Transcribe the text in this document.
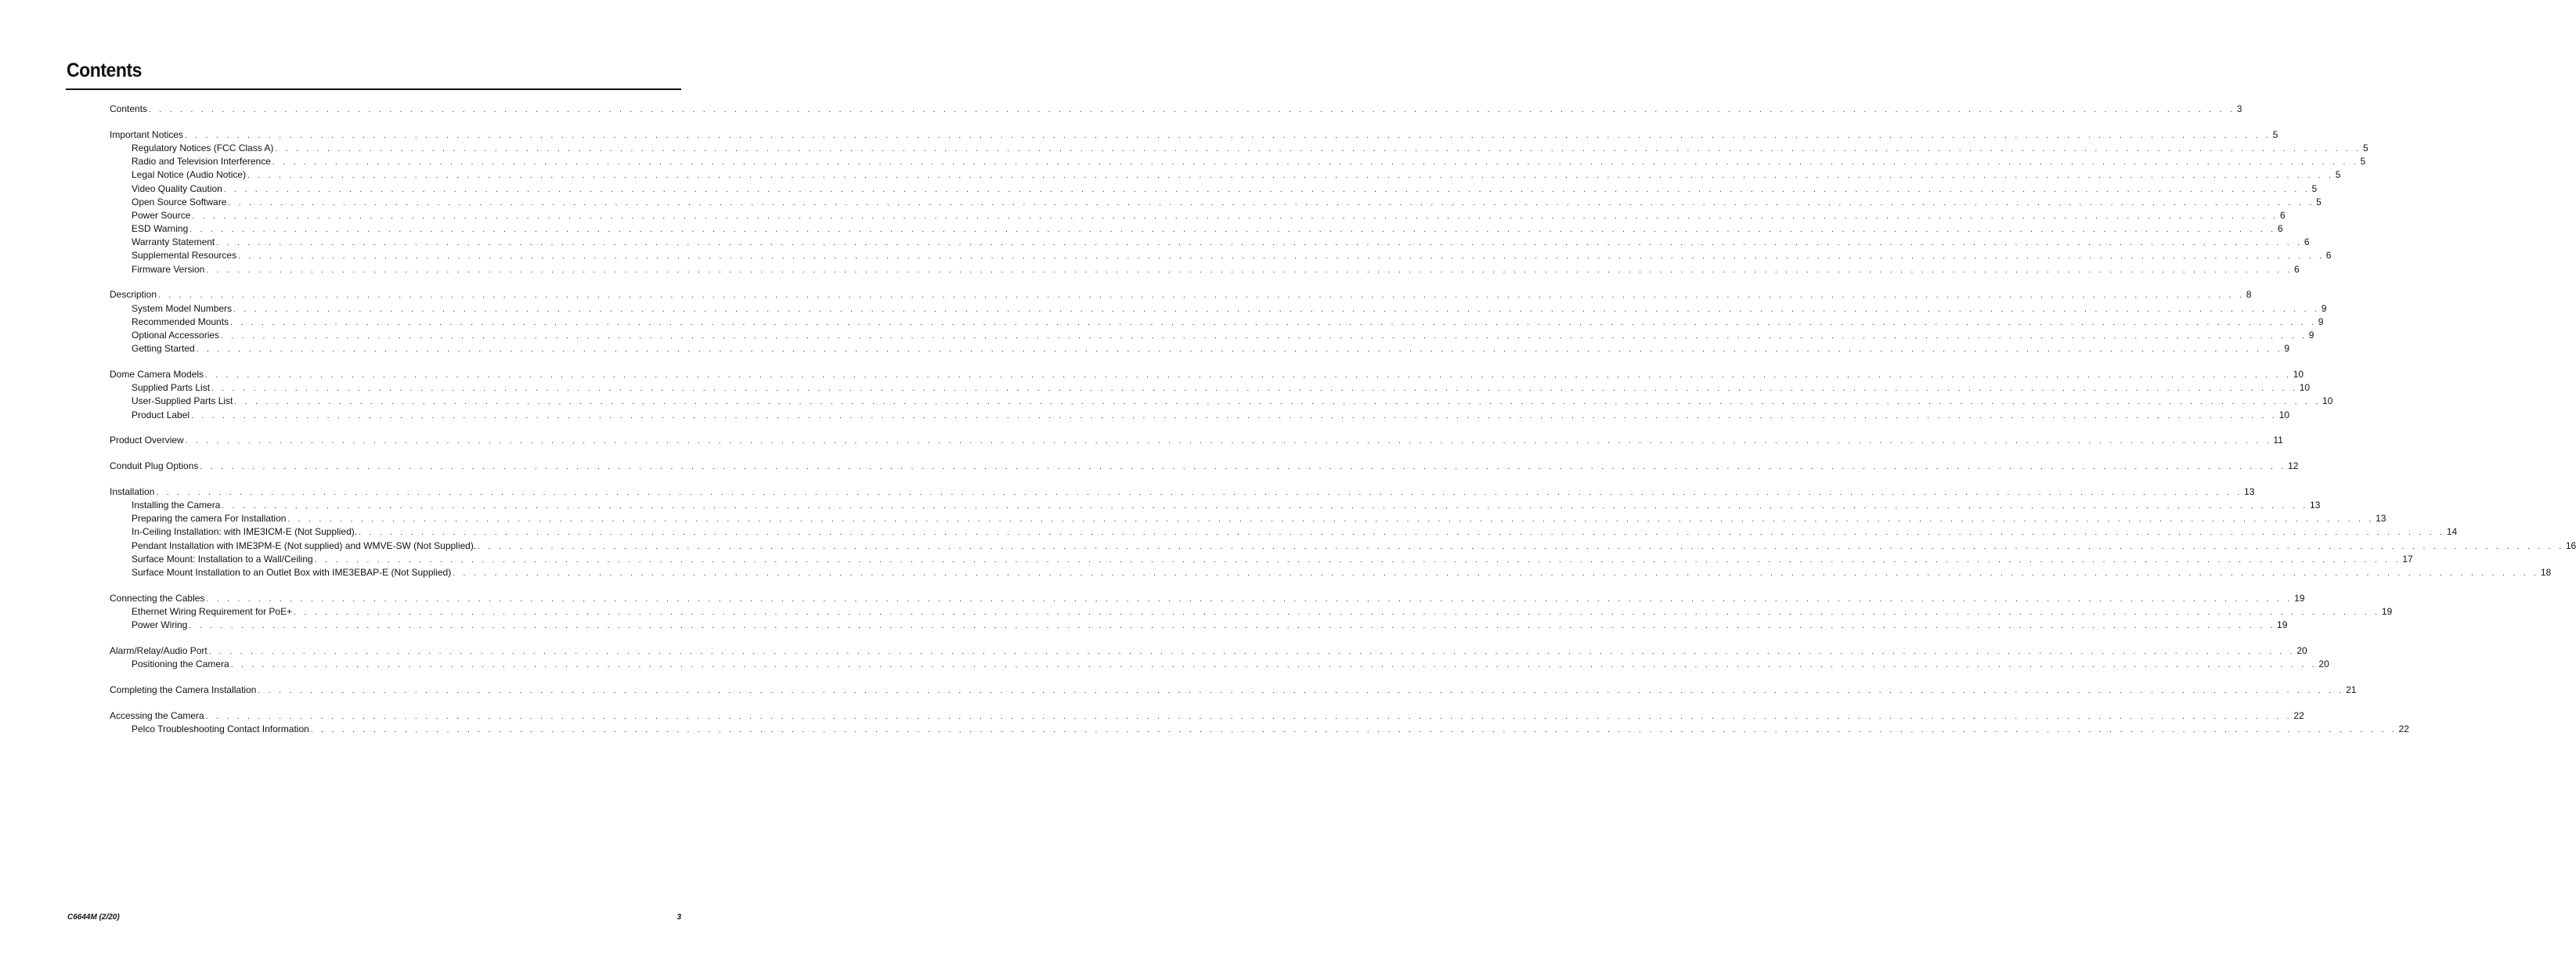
Contents
Contents . . . . . . . . . . . . . . . . . . . . . . . . . . . . . . . . . . . . . . . . . . . . . . . . . . . . . . . . . . . . . . . . . . . . . . . . . . . . . . . . . . . . . . . . . . . . . . . . . . . . . . . . . . . . . . . . . . . . . . . . . . . . . . . . . . . . . . . . . . . . . . . . . . . . . . . . . . . . . . . . . . . . . . . . . . . . . . . . . . . . . . . . . . . . . . . . . . . . . . . . 3
Important Notices . . . . . . . . . . . . . . . . . . . . . . . . . . . . . . . . . . . . . . . . . . . . . . . . . . . . . . . . . . . . . . . . . . . . . . . . . . . . . . . . . . . . . . . . . . . . . . . . . . . . . . . . . . . . . . . . . . . . . . . . . . . . . . . . . . . . . . . . . . . . . . . . . . . . . . . . . . . . . . . . . . . . . . . . . . . . . . . . . . . . . . . . . . . . . . . . . . . . . . . . 5
Regulatory Notices (FCC Class A) . . . . . . . . . . . . . . . . . . . . . . . . . . . . . . . . . . . . . . . . . . . . . . . . . . . . . . . . . . . . . . . . . . . . . . . . . . . . . . . . . . . . . . . . . . . . . . . . . . . . . . . . . . . . . . . . . . . . . . . . . . . . . . . . . . . . . . . . . . . . . . . . . . . . . . . . . . . . . . . . . . . . . . . . . . . . . . . . . . . . . . . . . . . . . . . . . . . . . . . . 5
Radio and Television Interference . . . . . . . . . . . . . . . . . . . . . . . . . . . . . . . . . . . . . . . . . . . . . . . . . . . . . . . . . . . . . . . . . . . . . . . . . . . . . . . . . . . . . . . . . . . . . . . . . . . . . . . . . . . . . . . . . . . . . . . . . . . . . . . . . . . . . . . . . . . . . . . . . . . . . . . . . . . . . . . . . . . . . . . . . . . . . . . . . . . . . . . . . . . . . . . . . . . . . . . . 5
Legal Notice (Audio Notice) . . . . . . . . . . . . . . . . . . . . . . . . . . . . . . . . . . . . . . . . . . . . . . . . . . . . . . . . . . . . . . . . . . . . . . . . . . . . . . . . . . . . . . . . . . . . . . . . . . . . . . . . . . . . . . . . . . . . . . . . . . . . . . . . . . . . . . . . . . . . . . . . . . . . . . . . . . . . . . . . . . . . . . . . . . . . . . . . . . . . . . . . . . . . . . . . . . . . . . . . 5
Video Quality Caution . . . . . . . . . . . . . . . . . . . . . . . . . . . . . . . . . . . . . . . . . . . . . . . . . . . . . . . . . . . . . . . . . . . . . . . . . . . . . . . . . . . . . . . . . . . . . . . . . . . . . . . . . . . . . . . . . . . . . . . . . . . . . . . . . . . . . . . . . . . . . . . . . . . . . . . . . . . . . . . . . . . . . . . . . . . . . . . . . . . . . . . . . . . . . . . . . . . . . . . . 5
Open Source Software . . . . . . . . . . . . . . . . . . . . . . . . . . . . . . . . . . . . . . . . . . . . . . . . . . . . . . . . . . . . . . . . . . . . . . . . . . . . . . . . . . . . . . . . . . . . . . . . . . . . . . . . . . . . . . . . . . . . . . . . . . . . . . . . . . . . . . . . . . . . . . . . . . . . . . . . . . . . . . . . . . . . . . . . . . . . . . . . . . . . . . . . . . . . . . . . . . . . . . . . 5
Power Source . . . . . . . . . . . . . . . . . . . . . . . . . . . . . . . . . . . . . . . . . . . . . . . . . . . . . . . . . . . . . . . . . . . . . . . . . . . . . . . . . . . . . . . . . . . . . . . . . . . . . . . . . . . . . . . . . . . . . . . . . . . . . . . . . . . . . . . . . . . . . . . . . . . . . . . . . . . . . . . . . . . . . . . . . . . . . . . . . . . . . . . . . . . . . . . . . . . . . . . . 6
ESD Warning . . . . . . . . . . . . . . . . . . . . . . . . . . . . . . . . . . . . . . . . . . . . . . . . . . . . . . . . . . . . . . . . . . . . . . . . . . . . . . . . . . . . . . . . . . . . . . . . . . . . . . . . . . . . . . . . . . . . . . . . . . . . . . . . . . . . . . . . . . . . . . . . . . . . . . . . . . . . . . . . . . . . . . . . . . . . . . . . . . . . . . . . . . . . . . . . . . . . . . . . 6
Warranty Statement . . . . . . . . . . . . . . . . . . . . . . . . . . . . . . . . . . . . . . . . . . . . . . . . . . . . . . . . . . . . . . . . . . . . . . . . . . . . . . . . . . . . . . . . . . . . . . . . . . . . . . . . . . . . . . . . . . . . . . . . . . . . . . . . . . . . . . . . . . . . . . . . . . . . . . . . . . . . . . . . . . . . . . . . . . . . . . . . . . . . . . . . . . . . . . . . . . . . . . . . 6
Supplemental Resources . . . . . . . . . . . . . . . . . . . . . . . . . . . . . . . . . . . . . . . . . . . . . . . . . . . . . . . . . . . . . . . . . . . . . . . . . . . . . . . . . . . . . . . . . . . . . . . . . . . . . . . . . . . . . . . . . . . . . . . . . . . . . . . . . . . . . . . . . . . . . . . . . . . . . . . . . . . . . . . . . . . . . . . . . . . . . . . . . . . . . . . . . . . . . . . . . . . . . . . . 6
Firmware Version . . . . . . . . . . . . . . . . . . . . . . . . . . . . . . . . . . . . . . . . . . . . . . . . . . . . . . . . . . . . . . . . . . . . . . . . . . . . . . . . . . . . . . . . . . . . . . . . . . . . . . . . . . . . . . . . . . . . . . . . . . . . . . . . . . . . . . . . . . . . . . . . . . . . . . . . . . . . . . . . . . . . . . . . . . . . . . . . . . . . . . . . . . . . . . . . . . . . . . . . 6
Description . . . . . . . . . . . . . . . . . . . . . . . . . . . . . . . . . . . . . . . . . . . . . . . . . . . . . . . . . . . . . . . . . . . . . . . . . . . . . . . . . . . . . . . . . . . . . . . . . . . . . . . . . . . . . . . . . . . . . . . . . . . . . . . . . . . . . . . . . . . . . . . . . . . . . . . . . . . . . . . . . . . . . . . . . . . . . . . . . . . . . . . . . . . . . . . . . . . . . . . . 8
System Model Numbers . . . . . . . . . . . . . . . . . . . . . . . . . . . . . . . . . . . . . . . . . . . . . . . . . . . . . . . . . . . . . . . . . . . . . . . . . . . . . . . . . . . . . . . . . . . . . . . . . . . . . . . . . . . . . . . . . . . . . . . . . . . . . . . . . . . . . . . . . . . . . . . . . . . . . . . . . . . . . . . . . . . . . . . . . . . . . . . . . . . . . . . . . . . . . . . . . . . . . . . . 9
Recommended Mounts . . . . . . . . . . . . . . . . . . . . . . . . . . . . . . . . . . . . . . . . . . . . . . . . . . . . . . . . . . . . . . . . . . . . . . . . . . . . . . . . . . . . . . . . . . . . . . . . . . . . . . . . . . . . . . . . . . . . . . . . . . . . . . . . . . . . . . . . . . . . . . . . . . . . . . . . . . . . . . . . . . . . . . . . . . . . . . . . . . . . . . . . . . . . . . . . . . . . . . . . 9
Optional Accessories . . . . . . . . . . . . . . . . . . . . . . . . . . . . . . . . . . . . . . . . . . . . . . . . . . . . . . . . . . . . . . . . . . . . . . . . . . . . . . . . . . . . . . . . . . . . . . . . . . . . . . . . . . . . . . . . . . . . . . . . . . . . . . . . . . . . . . . . . . . . . . . . . . . . . . . . . . . . . . . . . . . . . . . . . . . . . . . . . . . . . . . . . . . . . . . . . . . . . . . . 9
Getting Started . . . . . . . . . . . . . . . . . . . . . . . . . . . . . . . . . . . . . . . . . . . . . . . . . . . . . . . . . . . . . . . . . . . . . . . . . . . . . . . . . . . . . . . . . . . . . . . . . . . . . . . . . . . . . . . . . . . . . . . . . . . . . . . . . . . . . . . . . . . . . . . . . . . . . . . . . . . . . . . . . . . . . . . . . . . . . . . . . . . . . . . . . . . . . . . . . . . . . . . . 9
Dome Camera Models . . . . . . . . . . . . . . . . . . . . . . . . . . . . . . . . . . . . . . . . . . . . . . . . . . . . . . . . . . . . . . . . . . . . . . . . . . . . . . . . . . . . . . . . . . . . . . . . . . . . . . . . . . . . . . . . . . . . . . . . . . . . . . . . . . . . . . . . . . . . . . . . . . . . . . . . . . . . . . . . . . . . . . . . . . . . . . . . . . . . . . . . . . . . . . . . . . . . . . . . 10
Supplied Parts List . . . . . . . . . . . . . . . . . . . . . . . . . . . . . . . . . . . . . . . . . . . . . . . . . . . . . . . . . . . . . . . . . . . . . . . . . . . . . . . . . . . . . . . . . . . . . . . . . . . . . . . . . . . . . . . . . . . . . . . . . . . . . . . . . . . . . . . . . . . . . . . . . . . . . . . . . . . . . . . . . . . . . . . . . . . . . . . . . . . . . . . . . . . . . . . . . . . . . . . . 10
User-Supplied Parts List . . . . . . . . . . . . . . . . . . . . . . . . . . . . . . . . . . . . . . . . . . . . . . . . . . . . . . . . . . . . . . . . . . . . . . . . . . . . . . . . . . . . . . . . . . . . . . . . . . . . . . . . . . . . . . . . . . . . . . . . . . . . . . . . . . . . . . . . . . . . . . . . . . . . . . . . . . . . . . . . . . . . . . . . . . . . . . . . . . . . . . . . . . . . . . . . . . . . . . . . 10
Product Label . . . . . . . . . . . . . . . . . . . . . . . . . . . . . . . . . . . . . . . . . . . . . . . . . . . . . . . . . . . . . . . . . . . . . . . . . . . . . . . . . . . . . . . . . . . . . . . . . . . . . . . . . . . . . . . . . . . . . . . . . . . . . . . . . . . . . . . . . . . . . . . . . . . . . . . . . . . . . . . . . . . . . . . . . . . . . . . . . . . . . . . . . . . . . . . . . . . . . . . . 10
Product Overview . . . . . . . . . . . . . . . . . . . . . . . . . . . . . . . . . . . . . . . . . . . . . . . . . . . . . . . . . . . . . . . . . . . . . . . . . . . . . . . . . . . . . . . . . . . . . . . . . . . . . . . . . . . . . . . . . . . . . . . . . . . . . . . . . . . . . . . . . . . . . . . . . . . . . . . . . . . . . . . . . . . . . . . . . . . . . . . . . . . . . . . . . . . . . . . . . . . . . . . . 11
Conduit Plug Options . . . . . . . . . . . . . . . . . . . . . . . . . . . . . . . . . . . . . . . . . . . . . . . . . . . . . . . . . . . . . . . . . . . . . . . . . . . . . . . . . . . . . . . . . . . . . . . . . . . . . . . . . . . . . . . . . . . . . . . . . . . . . . . . . . . . . . . . . . . . . . . . . . . . . . . . . . . . . . . . . . . . . . . . . . . . . . . . . . . . . . . . . . . . . . . . . . . . . . . . 12
Installation . . . . . . . . . . . . . . . . . . . . . . . . . . . . . . . . . . . . . . . . . . . . . . . . . . . . . . . . . . . . . . . . . . . . . . . . . . . . . . . . . . . . . . . . . . . . . . . . . . . . . . . . . . . . . . . . . . . . . . . . . . . . . . . . . . . . . . . . . . . . . . . . . . . . . . . . . . . . . . . . . . . . . . . . . . . . . . . . . . . . . . . . . . . . . . . . . . . . . . . . 13
Installing the Camera . . . . . . . . . . . . . . . . . . . . . . . . . . . . . . . . . . . . . . . . . . . . . . . . . . . . . . . . . . . . . . . . . . . . . . . . . . . . . . . . . . . . . . . . . . . . . . . . . . . . . . . . . . . . . . . . . . . . . . . . . . . . . . . . . . . . . . . . . . . . . . . . . . . . . . . . . . . . . . . . . . . . . . . . . . . . . . . . . . . . . . . . . . . . . . . . . . . . . . . . 13
Preparing the camera For Installation . . . . . . . . . . . . . . . . . . . . . . . . . . . . . . . . . . . . . . . . . . . . . . . . . . . . . . . . . . . . . . . . . . . . . . . . . . . . . . . . . . . . . . . . . . . . . . . . . . . . . . . . . . . . . . . . . . . . . . . . . . . . . . . . . . . . . . . . . . . . . . . . . . . . . . . . . . . . . . . . . . . . . . . . . . . . . . . . . . . . . . . . . . . . . . . . . . . . . . . . 13
In-Ceiling Installation: with IME3ICM-E (Not Supplied). . . . . . . . . . . . . . . . . . . . . . . . . . . . . . . . . . . . . . . . . . . . . . . . . . . . . . . . . . . . . . . . . . . . . . . . . . . . . . . . . . . . . . . . . . . . . . . . . . . . . . . . . . . . . . . . . . . . . . . . . . . . . . . . . . . . . . . . . . . . . . . . . . . . . . . . . . . . . . . . . . . . . . . . . . . . . . . . . . . . . . . . . . . . . . . . . . . . . . . . . 14
Pendant Installation with IME3PM-E (Not supplied) and WMVE-SW (Not Supplied). . . . . . . . . . . . . . . . . . . . . . . . . . . . . . . . . . . . . . . . . . . . . . . . . . . . . . . . . . . . . . . . . . . . . . . . . . . . . . . . . . . . . . . . . . . . . . . . . . . . . . . . . . . . . . . . . . . . . . . . . . . . . . . . . . . . . . . . . . . . . . . . . . . . . . . . . . . . . . . . . . . . . . . . . . . . . . . . . . . . . . . . . . . . . . . . . . . . . . . . . 16
Surface Mount: Installation to a Wall/Ceiling . . . . . . . . . . . . . . . . . . . . . . . . . . . . . . . . . . . . . . . . . . . . . . . . . . . . . . . . . . . . . . . . . . . . . . . . . . . . . . . . . . . . . . . . . . . . . . . . . . . . . . . . . . . . . . . . . . . . . . . . . . . . . . . . . . . . . . . . . . . . . . . . . . . . . . . . . . . . . . . . . . . . . . . . . . . . . . . . . . . . . . . . . . . . . . . . . . . . . . . . 17
Surface Mount Installation to an Outlet Box with IME3EBAP-E (Not Supplied) . . . . . . . . . . . . . . . . . . . . . . . . . . . . . . . . . . . . . . . . . . . . . . . . . . . . . . . . . . . . . . . . . . . . . . . . . . . . . . . . . . . . . . . . . . . . . . . . . . . . . . . . . . . . . . . . . . . . . . . . . . . . . . . . . . . . . . . . . . . . . . . . . . . . . . . . . . . . . . . . . . . . . . . . . . . . . . . . . . . . . . . . . . . . . . . . . . . . . . . . 18
Connecting the Cables . . . . . . . . . . . . . . . . . . . . . . . . . . . . . . . . . . . . . . . . . . . . . . . . . . . . . . . . . . . . . . . . . . . . . . . . . . . . . . . . . . . . . . . . . . . . . . . . . . . . . . . . . . . . . . . . . . . . . . . . . . . . . . . . . . . . . . . . . . . . . . . . . . . . . . . . . . . . . . . . . . . . . . . . . . . . . . . . . . . . . . . . . . . . . . . . . . . . . . . . 19
Ethernet Wiring Requirement for PoE+ . . . . . . . . . . . . . . . . . . . . . . . . . . . . . . . . . . . . . . . . . . . . . . . . . . . . . . . . . . . . . . . . . . . . . . . . . . . . . . . . . . . . . . . . . . . . . . . . . . . . . . . . . . . . . . . . . . . . . . . . . . . . . . . . . . . . . . . . . . . . . . . . . . . . . . . . . . . . . . . . . . . . . . . . . . . . . . . . . . . . . . . . . . . . . . . . . . . . . . . . 19
Power Wiring . . . . . . . . . . . . . . . . . . . . . . . . . . . . . . . . . . . . . . . . . . . . . . . . . . . . . . . . . . . . . . . . . . . . . . . . . . . . . . . . . . . . . . . . . . . . . . . . . . . . . . . . . . . . . . . . . . . . . . . . . . . . . . . . . . . . . . . . . . . . . . . . . . . . . . . . . . . . . . . . . . . . . . . . . . . . . . . . . . . . . . . . . . . . . . . . . . . . . . . . 19
Alarm/Relay/Audio Port . . . . . . . . . . . . . . . . . . . . . . . . . . . . . . . . . . . . . . . . . . . . . . . . . . . . . . . . . . . . . . . . . . . . . . . . . . . . . . . . . . . . . . . . . . . . . . . . . . . . . . . . . . . . . . . . . . . . . . . . . . . . . . . . . . . . . . . . . . . . . . . . . . . . . . . . . . . . . . . . . . . . . . . . . . . . . . . . . . . . . . . . . . . . . . . . . . . . . . . . 20
Positioning the Camera . . . . . . . . . . . . . . . . . . . . . . . . . . . . . . . . . . . . . . . . . . . . . . . . . . . . . . . . . . . . . . . . . . . . . . . . . . . . . . . . . . . . . . . . . . . . . . . . . . . . . . . . . . . . . . . . . . . . . . . . . . . . . . . . . . . . . . . . . . . . . . . . . . . . . . . . . . . . . . . . . . . . . . . . . . . . . . . . . . . . . . . . . . . . . . . . . . . . . . . . 20
Completing the Camera Installation . . . . . . . . . . . . . . . . . . . . . . . . . . . . . . . . . . . . . . . . . . . . . . . . . . . . . . . . . . . . . . . . . . . . . . . . . . . . . . . . . . . . . . . . . . . . . . . . . . . . . . . . . . . . . . . . . . . . . . . . . . . . . . . . . . . . . . . . . . . . . . . . . . . . . . . . . . . . . . . . . . . . . . . . . . . . . . . . . . . . . . . . . . . . . . . . . . . . . . . . 21
Accessing the Camera . . . . . . . . . . . . . . . . . . . . . . . . . . . . . . . . . . . . . . . . . . . . . . . . . . . . . . . . . . . . . . . . . . . . . . . . . . . . . . . . . . . . . . . . . . . . . . . . . . . . . . . . . . . . . . . . . . . . . . . . . . . . . . . . . . . . . . . . . . . . . . . . . . . . . . . . . . . . . . . . . . . . . . . . . . . . . . . . . . . . . . . . . . . . . . . . . . . . . . . . 22
Pelco Troubleshooting Contact Information . . . . . . . . . . . . . . . . . . . . . . . . . . . . . . . . . . . . . . . . . . . . . . . . . . . . . . . . . . . . . . . . . . . . . . . . . . . . . . . . . . . . . . . . . . . . . . . . . . . . . . . . . . . . . . . . . . . . . . . . . . . . . . . . . . . . . . . . . . . . . . . . . . . . . . . . . . . . . . . . . . . . . . . . . . . . . . . . . . . . . . . . . . . . . . . . . . . . . . . . 22
C6644M (2/20)	3
